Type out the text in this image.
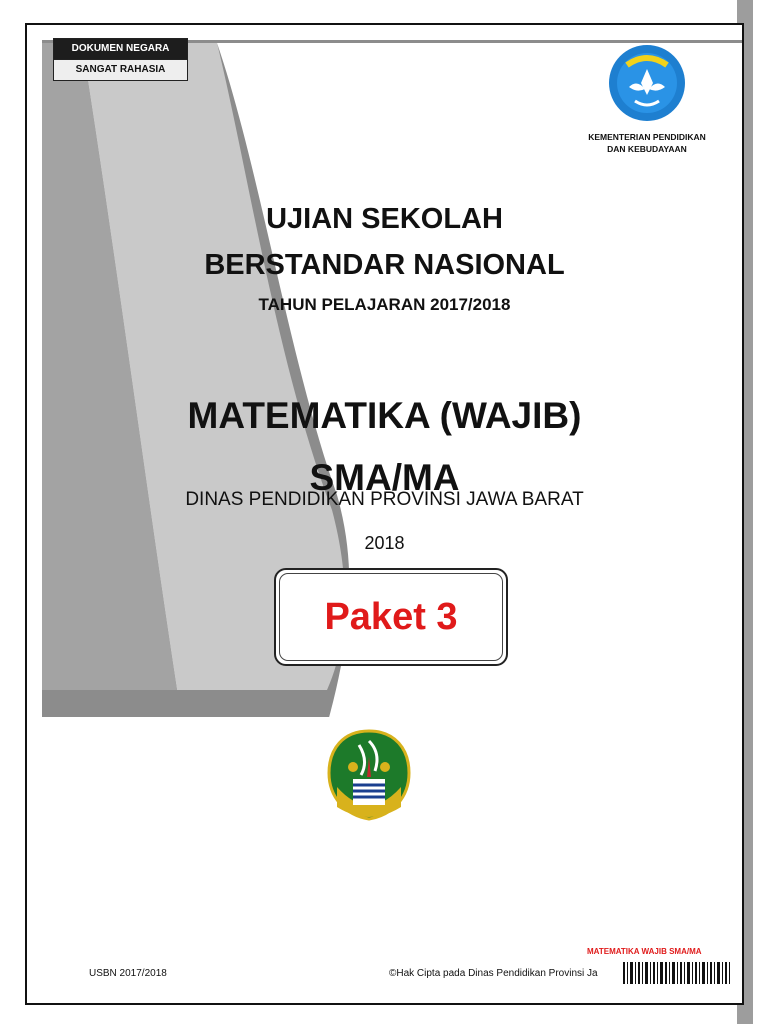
DOKUMEN NEGARA
SANGAT RAHASIA
KEMENTERIAN PENDIDIKAN
DAN KEBUDAYAAN
UJIAN SEKOLAH
BERSTANDAR NASIONAL
TAHUN PELAJARAN 2017/2018
MATEMATIKA (WAJIB)
SMA/MA
DINAS PENDIDIKAN PROVINSI JAWA BARAT
2018
Paket 3
MATEMATIKA WAJIB SMA/MA
USBN 2017/2018	©Hak Cipta pada Dinas Pendidikan Provinsi Ja
